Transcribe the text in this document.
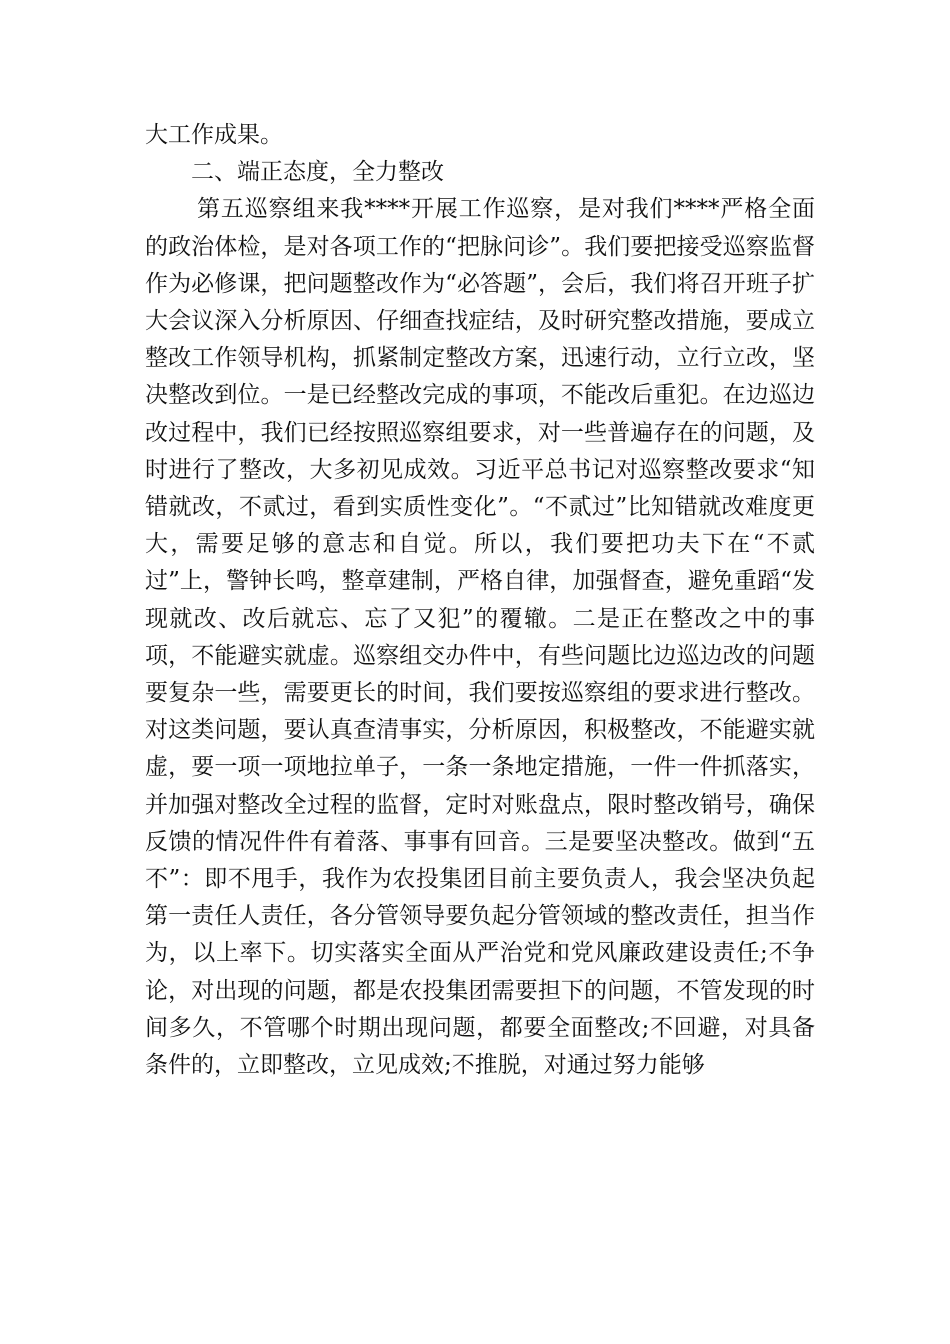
大工作成果。

二、端正态度，全力整改

第五巡察组来我****开展工作巡察，是对我们****严格全面的政治体检，是对各项工作的“把脉问诊”。我们要把接受巡察监督作为必修课，把问题整改作为“必答题”，会后，我们将召开班子扩大会议深入分析原因、仔细查找症结，及时研究整改措施，要成立整改工作领导机构，抓紧制定整改方案，迅速行动，立行立改，坚决整改到位。一是已经整改完成的事项，不能改后重犯。在边巡边改过程中，我们已经按照巡察组要求，对一些普遍存在的问题，及时进行了整改，大多初见成效。习近平总书记对巡察整改要求“知错就改，不贰过，看到实质性变化”。“不贰过”比知错就改难度更大，需要足够的意志和自觉。所以，我们要把功夫下在“不贰过”上，警钟长鸣，整章建制，严格自律，加强督查，避免重蹈“发现就改、改后就忘、忘了又犯”的覆辙。二是正在整改之中的事项，不能避实就虚。巡察组交办件中，有些问题比边巡边改的问题要复杂一些，需要更长的时间，我们要按巡察组的要求进行整改。对这类问题，要认真查清事实，分析原因，积极整改，不能避实就虚，要一项一项地拉单子，一条一条地定措施，一件一件抓落实，并加强对整改全过程的监督，定时对账盘点，限时整改销号，确保反馈的情况件件有着落、事事有回音。三是要坚决整改。做到“五不”：即不甩手，我作为农投集团目前主要负责人，我会坚决负起第一责任人责任，各分管领导要负起分管领域的整改责任，担当作为，以上率下。切实落实全面从严治党和党风廉政建设责任;不争论，对出现的问题，都是农投集团需要担下的问题，不管发现的时间多久，不管哪个时期出现问题，都要全面整改;不回避，对具备条件的，立即整改，立见成效;不推脱，对通过努力能够
